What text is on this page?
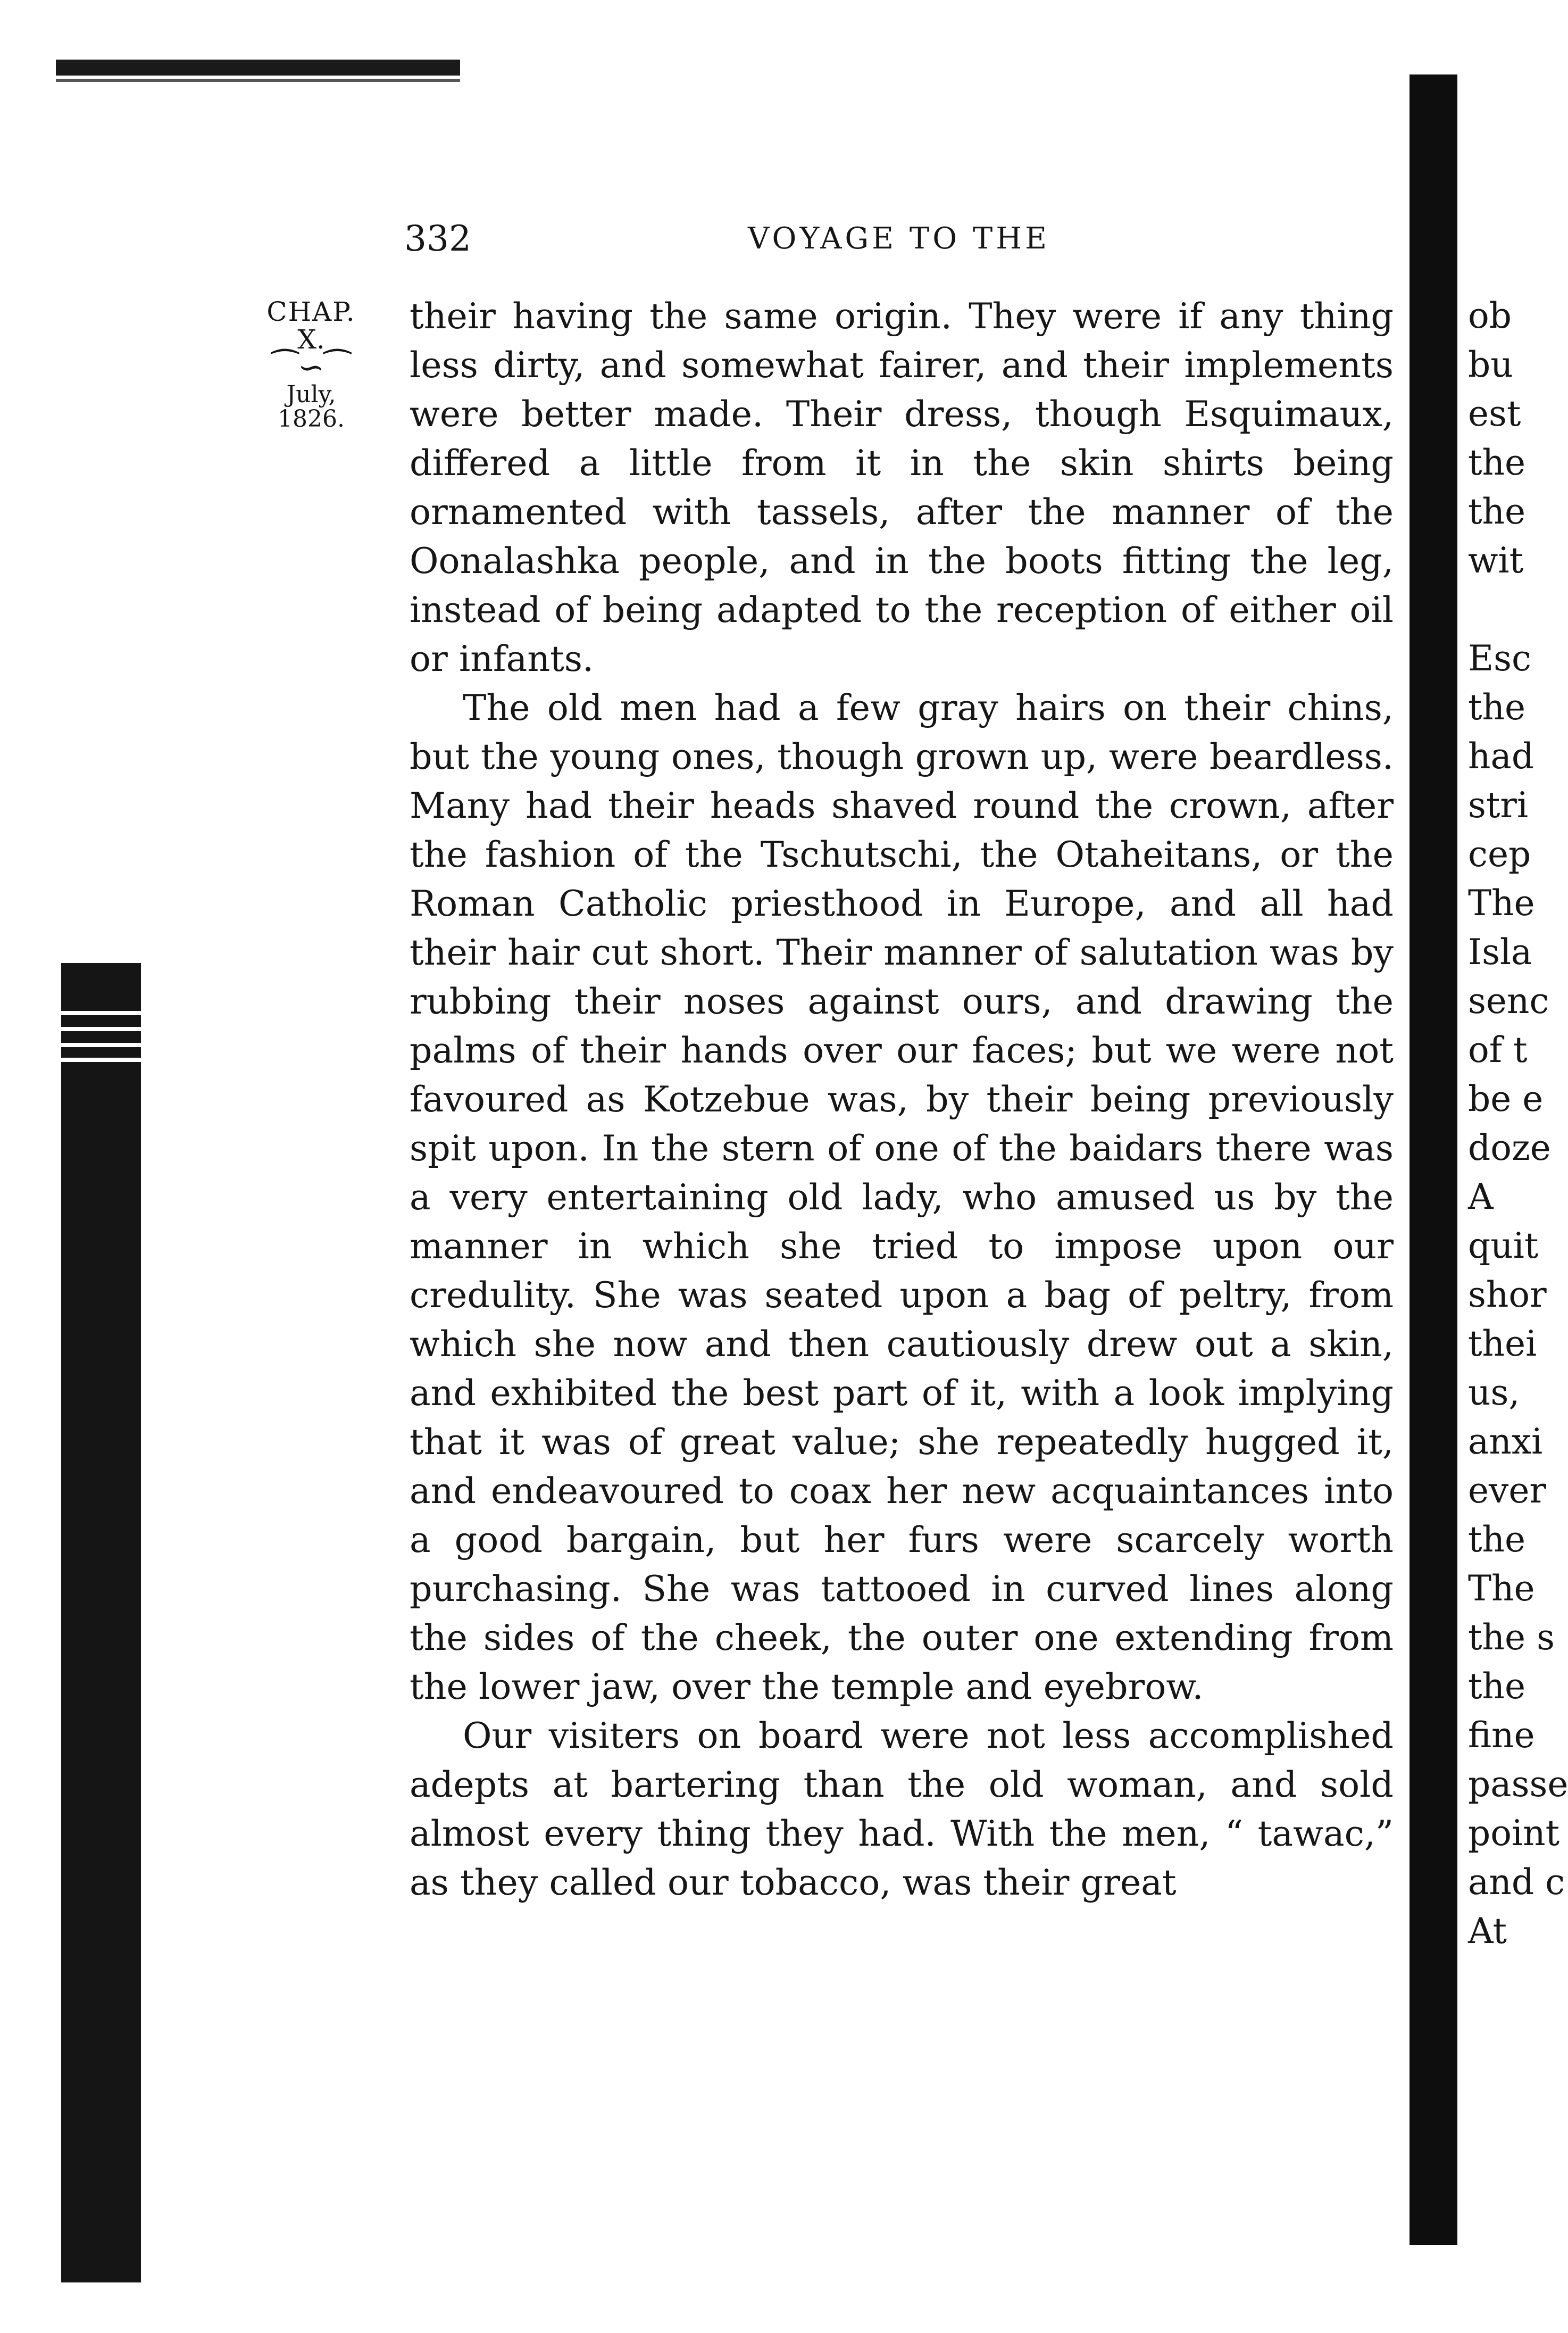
332	VOYAGE TO THE
CHAP.
X.
⁀∽⁀
July,
1826.

their having the same origin. They were if any thing less dirty, and somewhat fairer, and their implements were better made. Their dress, though Esquimaux, differed a little from it in the skin shirts being ornamented with tassels, after the manner of the Oonalashka people, and in the boots fitting the leg, instead of being adapted to the reception of either oil or infants.

The old men had a few gray hairs on their chins, but the young ones, though grown up, were beardless. Many had their heads shaved round the crown, after the fashion of the Tschutschi, the Otaheitans, or the Roman Catholic priesthood in Europe, and all had their hair cut short. Their manner of salutation was by rubbing their noses against ours, and drawing the palms of their hands over our faces; but we were not favoured as Kotzebue was, by their being previously spit upon. In the stern of one of the baidars there was a very entertaining old lady, who amused us by the manner in which she tried to impose upon our credulity. She was seated upon a bag of peltry, from which she now and then cautiously drew out a skin, and exhibited the best part of it, with a look implying that it was of great value; she repeatedly hugged it, and endeavoured to coax her new acquaintances into a good bargain, but her furs were scarcely worth purchasing. She was tattooed in curved lines along the sides of the cheek, the outer one extending from the lower jaw, over the temple and eyebrow.

Our visiters on board were not less accomplished adepts at bartering than the old woman, and sold almost every thing they had. With the men, “ tawac,” as they called our tobacco, was their great

ob
bu
est
the
the
wit
Esc
the
had
stri
cep
The
Isla
senc
of t
be e
doze
A
quit
shor
thei
us,
anxi
ever
the
The
the s
the
fine
passe
point
and c
At
